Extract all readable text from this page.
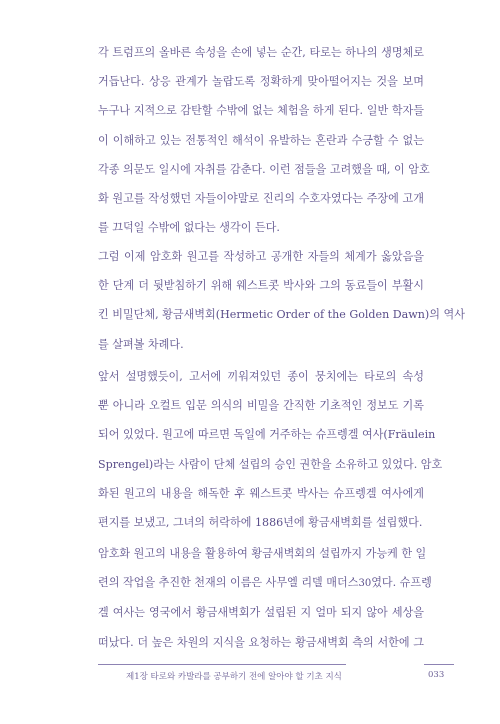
각 트럼프의 올바른 속성을 손에 넣는 순간, 타로는 하나의 생명체로
거듭난다. 상응 관계가 놀랍도록 정확하게 맞아떨어지는 것을 보며
누구나 지적으로 감탄할 수밖에 없는 체험을 하게 된다. 일반 학자들
이 이해하고 있는 전통적인 해석이 유발하는 혼란과 수긍할 수 없는
각종 의문도 일시에 자취를 감춘다. 이런 점들을 고려했을 때, 이 암호
화 원고를 작성했던 자들이야말로 진리의 수호자였다는 주장에 고개
를 끄덕일 수밖에 없다는 생각이 든다.

그럼 이제 암호화 원고를 작성하고 공개한 자들의 체계가 옳았음을
한 단계 더 뒷받침하기 위해 웨스트콧 박사와 그의 동료들이 부활시
킨 비밀단체, 황금새벽회(Hermetic Order of the Golden Dawn)의 역사
를 살펴볼 차례다.

앞서 설명했듯이, 고서에 끼워져있던 종이 뭉치에는 타로의 속성
뿐 아니라 오컬트 입문 의식의 비밀을 간직한 기초적인 정보도 기록
되어 있었다. 원고에 따르면 독일에 거주하는 슈프렝겔 여사(Fräulein
Sprengel)라는 사람이 단체 설립의 승인 권한을 소유하고 있었다. 암호
화된 원고의 내용을 해독한 후 웨스트콧 박사는 슈프렝겔 여사에게
편지를 보냈고, 그녀의 허락하에 1886년에 황금새벽회를 설립했다.

암호화 원고의 내용을 활용하여 황금새벽회의 설립까지 가능케 한 일
련의 작업을 추진한 천재의 이름은 사무엘 리델 매더스30였다. 슈프렝
겔 여사는 영국에서 황금새벽회가 설립된 지 얼마 되지 않아 세상을
떠났다. 더 높은 차원의 지식을 요청하는 황금새벽회 측의 서한에 그

제1장 타로와 카발라를 공부하기 전에 알아야 할 기초 지식	033
